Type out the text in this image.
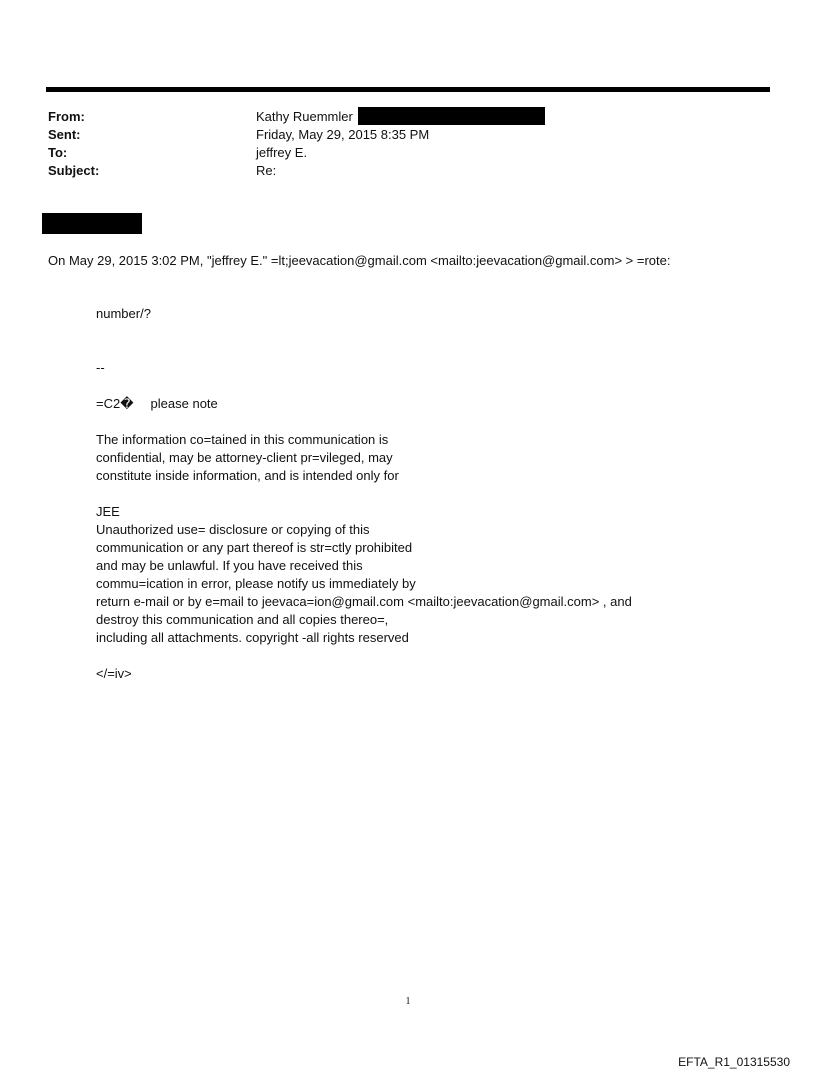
From:	Kathy Ruemmler
Sent:	Friday, May 29, 2015 8:35 PM
To:	jeffrey E.
Subject:	Re:
On May 29, 2015 3:02 PM, "jeffrey E." =lt;jeevacation@gmail.com <mailto:jeevacation@gmail.com> > =rote:
number/?
--
=C2� please note
The information co=tained in this communication is
confidential, may be attorney-client pr=vileged, may
constitute inside information, and is intended only for
JEE
Unauthorized use= disclosure or copying of this
communication or any part thereof is str=ctly prohibited
and may be unlawful. If you have received this
commu=ication in error, please notify us immediately by
return e-mail or by e=mail to jeevaca=ion@gmail.com <mailto:jeevacation@gmail.com> , and
destroy this communication and all copies thereo=,
including all attachments. copyright -all rights reserved
</=iv>
1
EFTA_R1_01315530
